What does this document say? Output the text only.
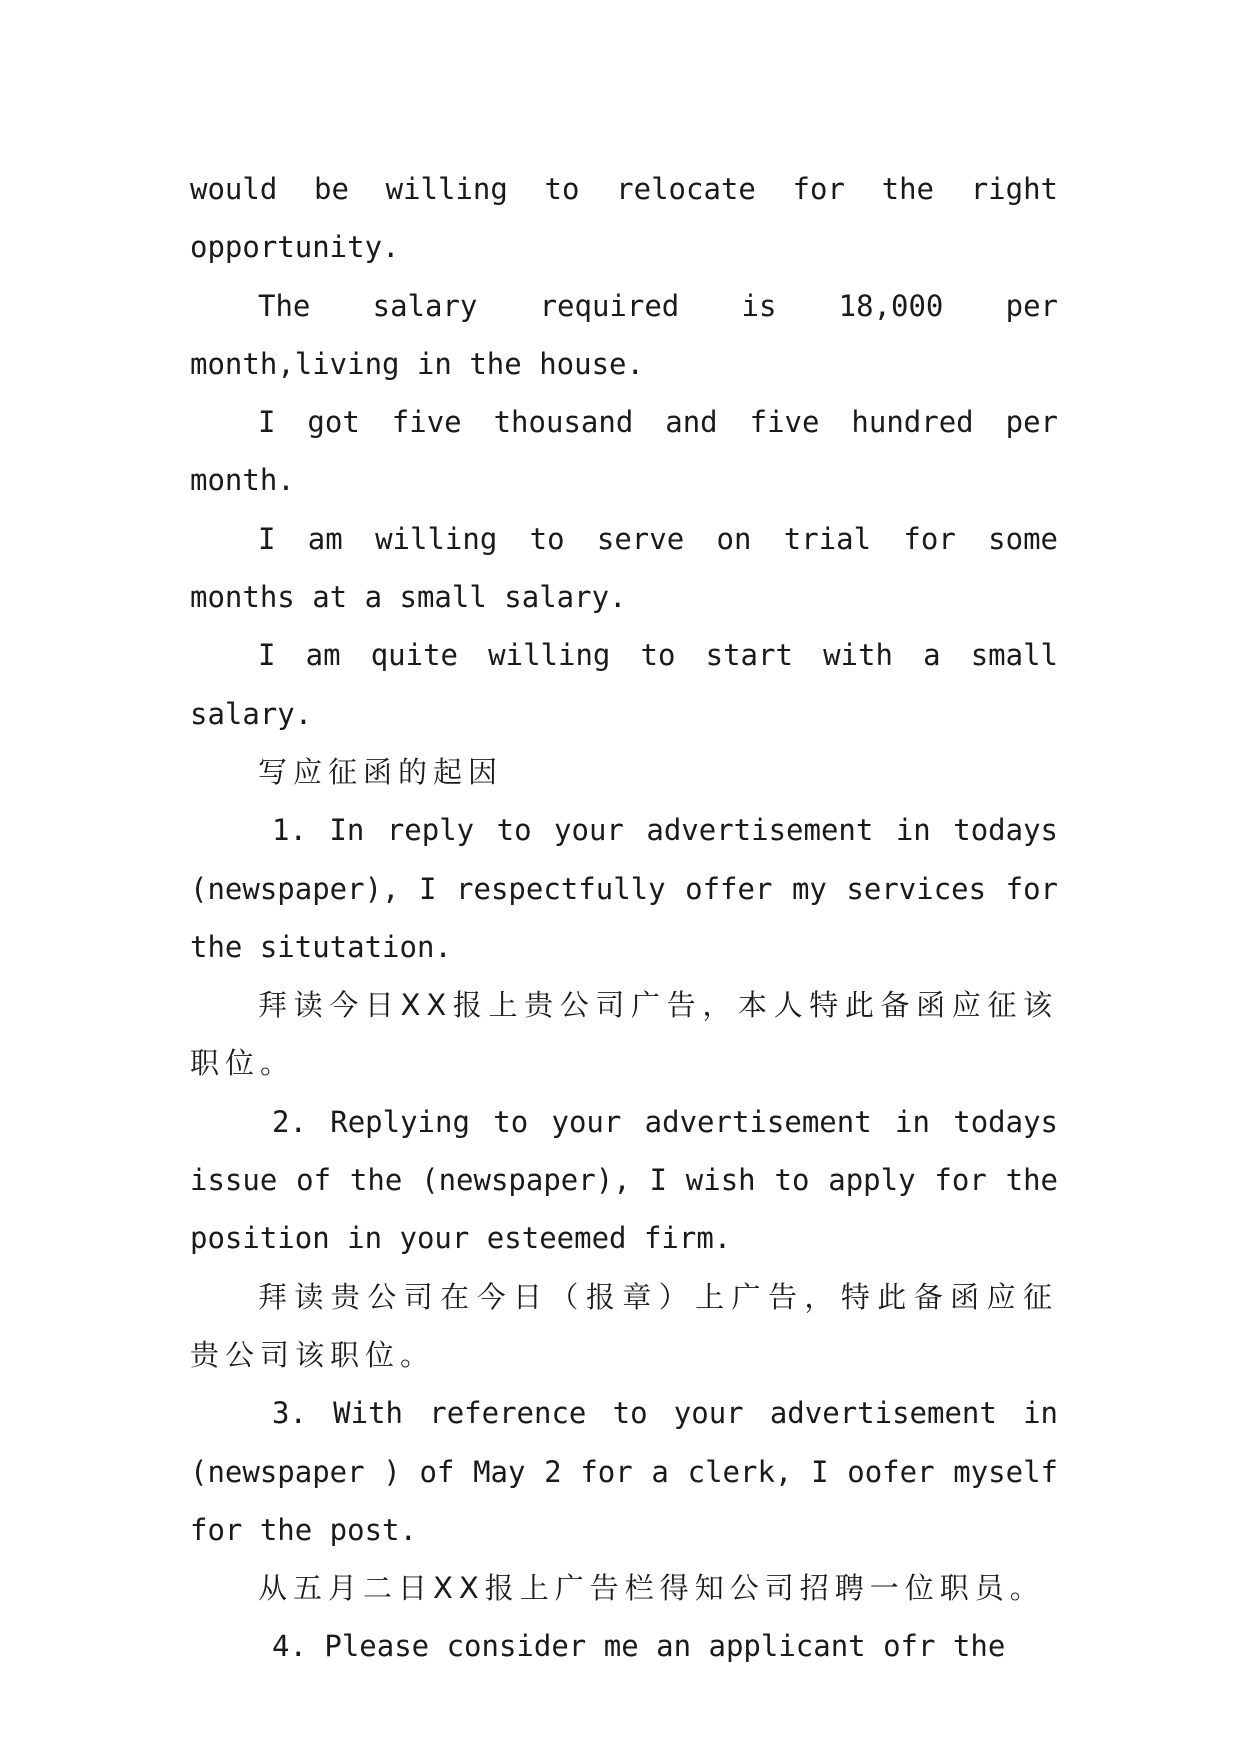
would be willing to relocate for the right opportunity.

The salary required is 18,000 per month,living in the house.

I got five thousand and five hundred per month.

I am willing to serve on trial for some months at a small salary.

I am quite willing to start with a small salary.

写应征函的起因

1. In reply to your advertisement in todays (newspaper), I respectfully offer my services for the situtation.

拜读今日XX报上贵公司广告，本人特此备函应征该职位。

2. Replying to your advertisement in todays issue of the (newspaper), I wish to apply for the position in your esteemed firm.

拜读贵公司在今日（报章）上广告，特此备函应征贵公司该职位。

3. With reference to your advertisement in (newspaper ) of May 2 for a clerk, I oofer myself for the post.

从五月二日XX报上广告栏得知公司招聘一位职员。

4. Please consider me an applicant ofr the
